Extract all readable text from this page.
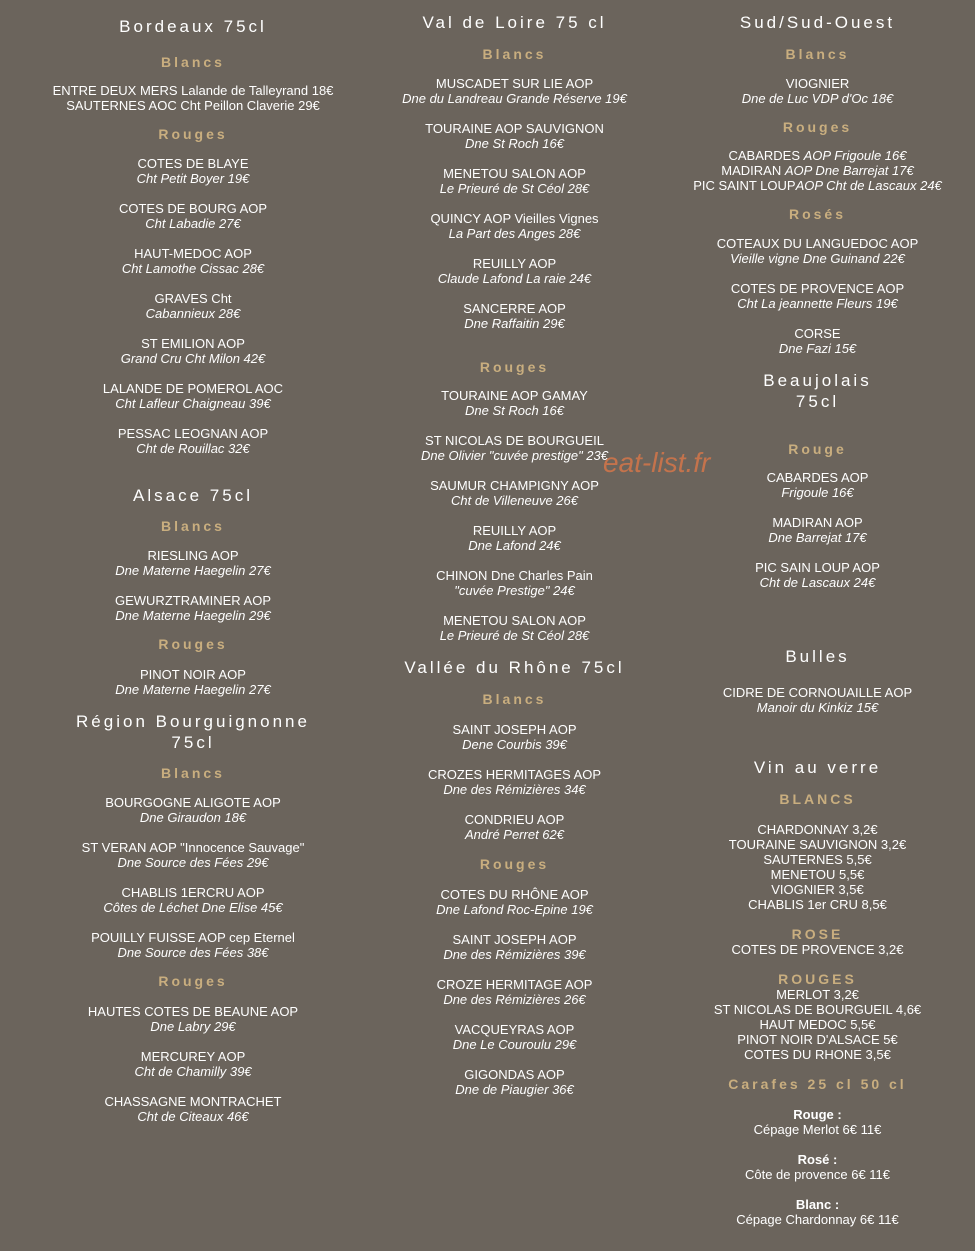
Bordeaux 75cl
Blancs
ENTRE DEUX MERS Lalande de Talleyrand 18€
SAUTERNES AOC Cht Peillon Claverie 29€
Rouges
COTES DE BLAYE
Cht Petit Boyer 19€
COTES DE BOURG AOP
Cht Labadie 27€
HAUT-MEDOC AOP
Cht Lamothe Cissac 28€
GRAVES Cht
Cabannieux 28€
ST EMILION AOP
Grand Cru Cht Milon 42€
LALANDE DE POMEROL AOC
Cht Lafleur Chaigneau 39€
PESSAC LEOGNAN AOP
Cht de Rouillac 32€
Alsace 75cl
Blancs
RIESLING AOP
Dne Materne Haegelin 27€
GEWURZTRAMINER AOP
Dne Materne Haegelin 29€
Rouges
PINOT NOIR AOP
Dne Materne Haegelin 27€
Région Bourguignonne
75cl
Blancs
BOURGOGNE ALIGOTE AOP
Dne Giraudon 18€
ST VERAN AOP "Innocence Sauvage"
Dne Source des Fées 29€
CHABLIS 1ERCRU AOP
Côtes de Léchet Dne Elise 45€
POUILLY FUISSE AOP cep Eternel
Dne Source des Fées 38€
Rouges
HAUTES COTES DE BEAUNE AOP
Dne Labry 29€
MERCUREY AOP
Cht de Chamilly 39€
CHASSAGNE MONTRACHET
Cht de Citeaux 46€
Val de Loire 75 cl
Blancs
MUSCADET SUR LIE AOP
Dne du Landreau Grande Réserve 19€
TOURAINE AOP SAUVIGNON
Dne St Roch 16€
MENETOU SALON AOP
Le Prieuré de St Céol 28€
QUINCY AOP Vieilles Vignes
La Part des Anges 28€
REUILLY AOP
Claude Lafond La raie 24€
SANCERRE AOP
Dne Raffaitin 29€
Rouges
TOURAINE AOP GAMAY
Dne St Roch 16€
ST NICOLAS DE BOURGUEIL
Dne Olivier "cuvée prestige" 23€
SAUMUR CHAMPIGNY AOP
Cht de Villeneuve 26€
REUILLY AOP
Dne Lafond 24€
CHINON Dne Charles Pain
"cuvée Prestige" 24€
MENETOU SALON AOP
Le Prieuré de St Céol 28€
Vallée du Rhône 75cl
Blancs
SAINT JOSEPH AOP
Dene Courbis 39€
CROZES HERMITAGES AOP
Dne des Rémizières 34€
CONDRIEU AOP
André Perret 62€
Rouges
COTES DU RHÔNE AOP
Dne Lafond Roc-Epine 19€
SAINT JOSEPH AOP
Dne des Rémizières 39€
CROZE HERMITAGE AOP
Dne des Rémizières 26€
VACQUEYRAS AOP
Dne Le Couroulu 29€
GIGONDAS AOP
Dne de Piaugier 36€
Sud/Sud-Ouest
Blancs
VIOGNIER
Dne de Luc VDP d'Oc 18€
Rouges
CABARDES AOP Frigoule 16€
MADIRAN AOP Dne Barrejat 17€
PIC SAINT LOUPAOP Cht de Lascaux 24€
Rosés
COTEAUX DU LANGUEDOC AOP
Vieille vigne Dne Guinand 22€
COTES DE PROVENCE AOP
Cht La jeannette Fleurs 19€
CORSE
Dne Fazi 15€
Beaujolais
75cl
Rouge
CABARDES AOP
Frigoule 16€
MADIRAN AOP
Dne Barrejat 17€
PIC SAIN LOUP AOP
Cht de Lascaux 24€
Bulles
CIDRE DE CORNOUAILLE AOP
Manoir du Kinkiz 15€
Vin au verre
BLANCS
CHARDONNAY 3,2€
TOURAINE SAUVIGNON 3,2€
SAUTERNES 5,5€
MENETOU 5,5€
VIOGNIER 3,5€
CHABLIS 1er CRU 8,5€
ROSE
COTES DE PROVENCE 3,2€
ROUGES
MERLOT 3,2€
ST NICOLAS DE BOURGUEIL 4,6€
HAUT MEDOC 5,5€
PINOT NOIR D'ALSACE 5€
COTES DU RHONE 3,5€
Carafes 25 cl 50 cl
Rouge :
Cépage Merlot 6€ 11€
Rosé :
Côte de provence 6€ 11€
Blanc :
Cépage Chardonnay 6€ 11€
eat-list.fr
